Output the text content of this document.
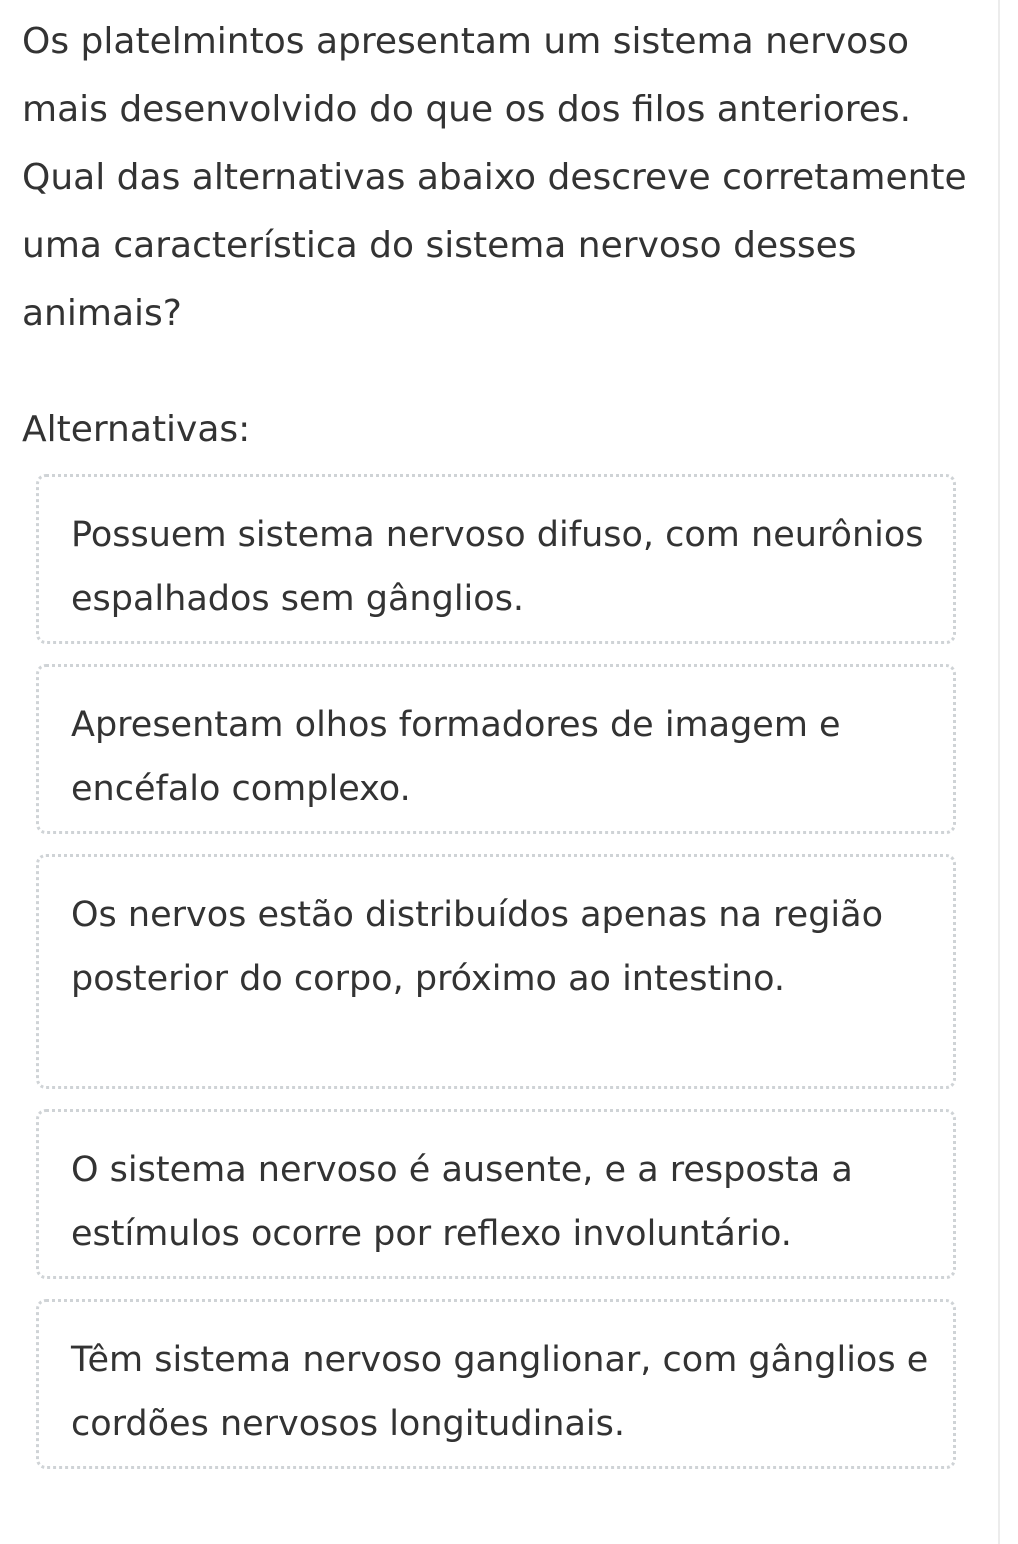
Os platelmintos apresentam um sistema nervoso mais desenvolvido do que os dos filos anteriores. Qual das alternativas abaixo descreve corretamente uma característica do sistema nervoso desses animais?

Alternativas:

Possuem sistema nervoso difuso, com neurônios espalhados sem gânglios.
Apresentam olhos formadores de imagem e encéfalo complexo.
Os nervos estão distribuídos apenas na região posterior do corpo, próximo ao intestino.
O sistema nervoso é ausente, e a resposta a estímulos ocorre por reflexo involuntário.
Têm sistema nervoso ganglionar, com gânglios e cordões nervosos longitudinais.
